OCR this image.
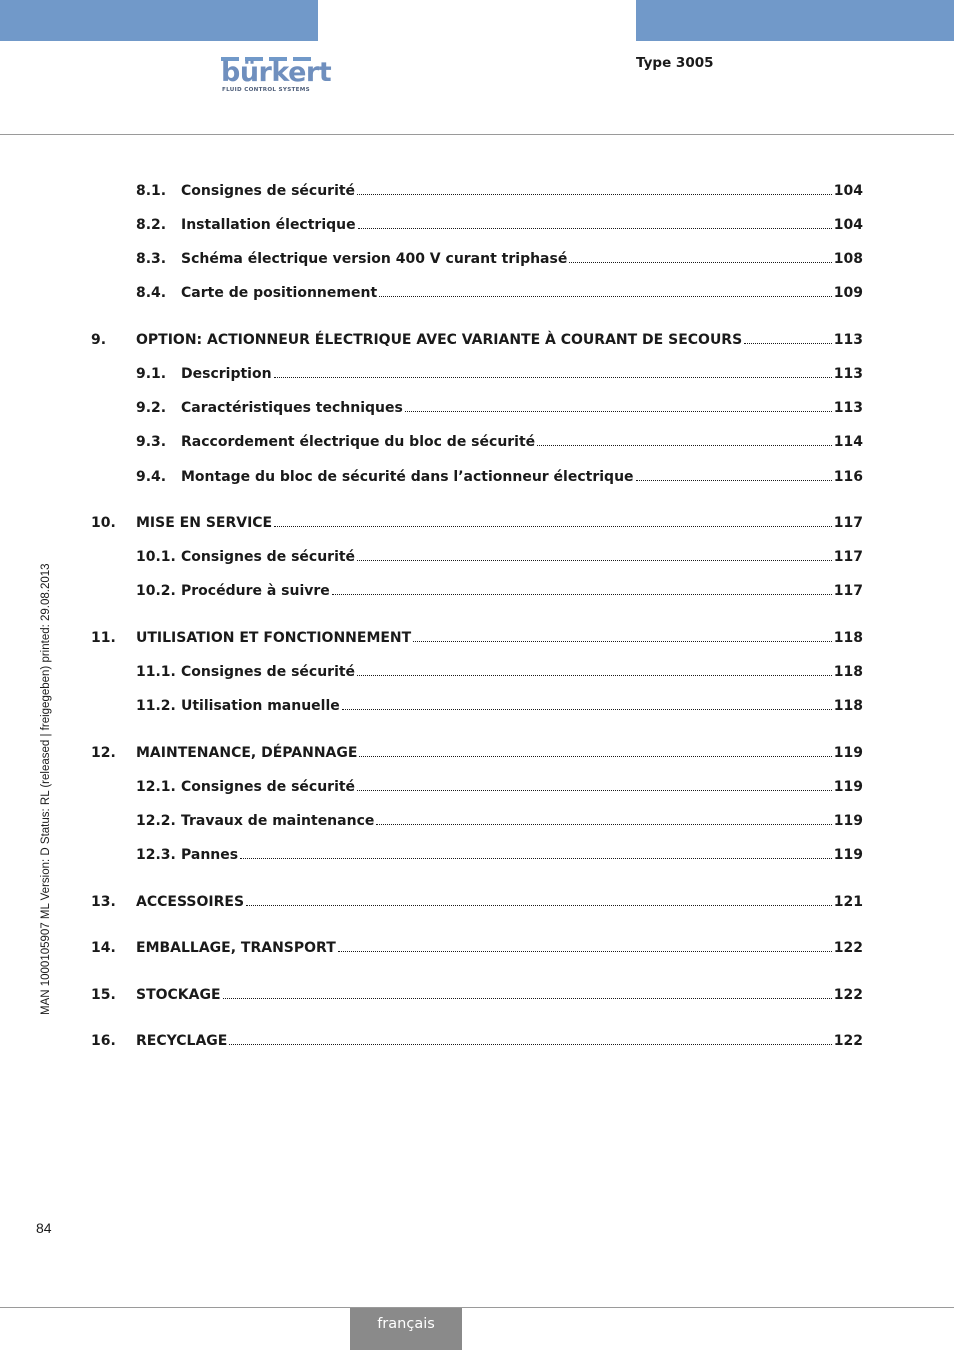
bürkert
FLUID CONTROL SYSTEMS
Type 3005
MAN 1000105907 ML Version: D Status: RL (released | freigegeben) printed: 29.08.2013
8.1.	Consignes de sécurité	104
8.2.	Installation électrique	104
8.3.	Schéma électrique version 400 V curant triphasé	108
8.4.	Carte de positionnement	109
9.	OPTION: ACTIONNEUR ÉLECTRIQUE AVEC VARIANTE À COURANT DE SECOURS	113
9.1.	Description	113
9.2.	Caractéristiques techniques	113
9.3.	Raccordement électrique du bloc de sécurité	114
9.4.	Montage du bloc de sécurité dans l’actionneur électrique	116
10.	MISE EN SERVICE	117
10.1. Consignes de sécurité	117
10.2. Procédure à suivre	117
11.	UTILISATION ET FONCTIONNEMENT	118
11.1. Consignes de sécurité	118
11.2. Utilisation manuelle	118
12.	MAINTENANCE, DÉPANNAGE	119
12.1. Consignes de sécurité	119
12.2. Travaux de maintenance	119
12.3. Pannes	119
13.	ACCESSOIRES	121
14.	EMBALLAGE, TRANSPORT	122
15.	STOCKAGE	122
16.	RECYCLAGE	122
84
français
